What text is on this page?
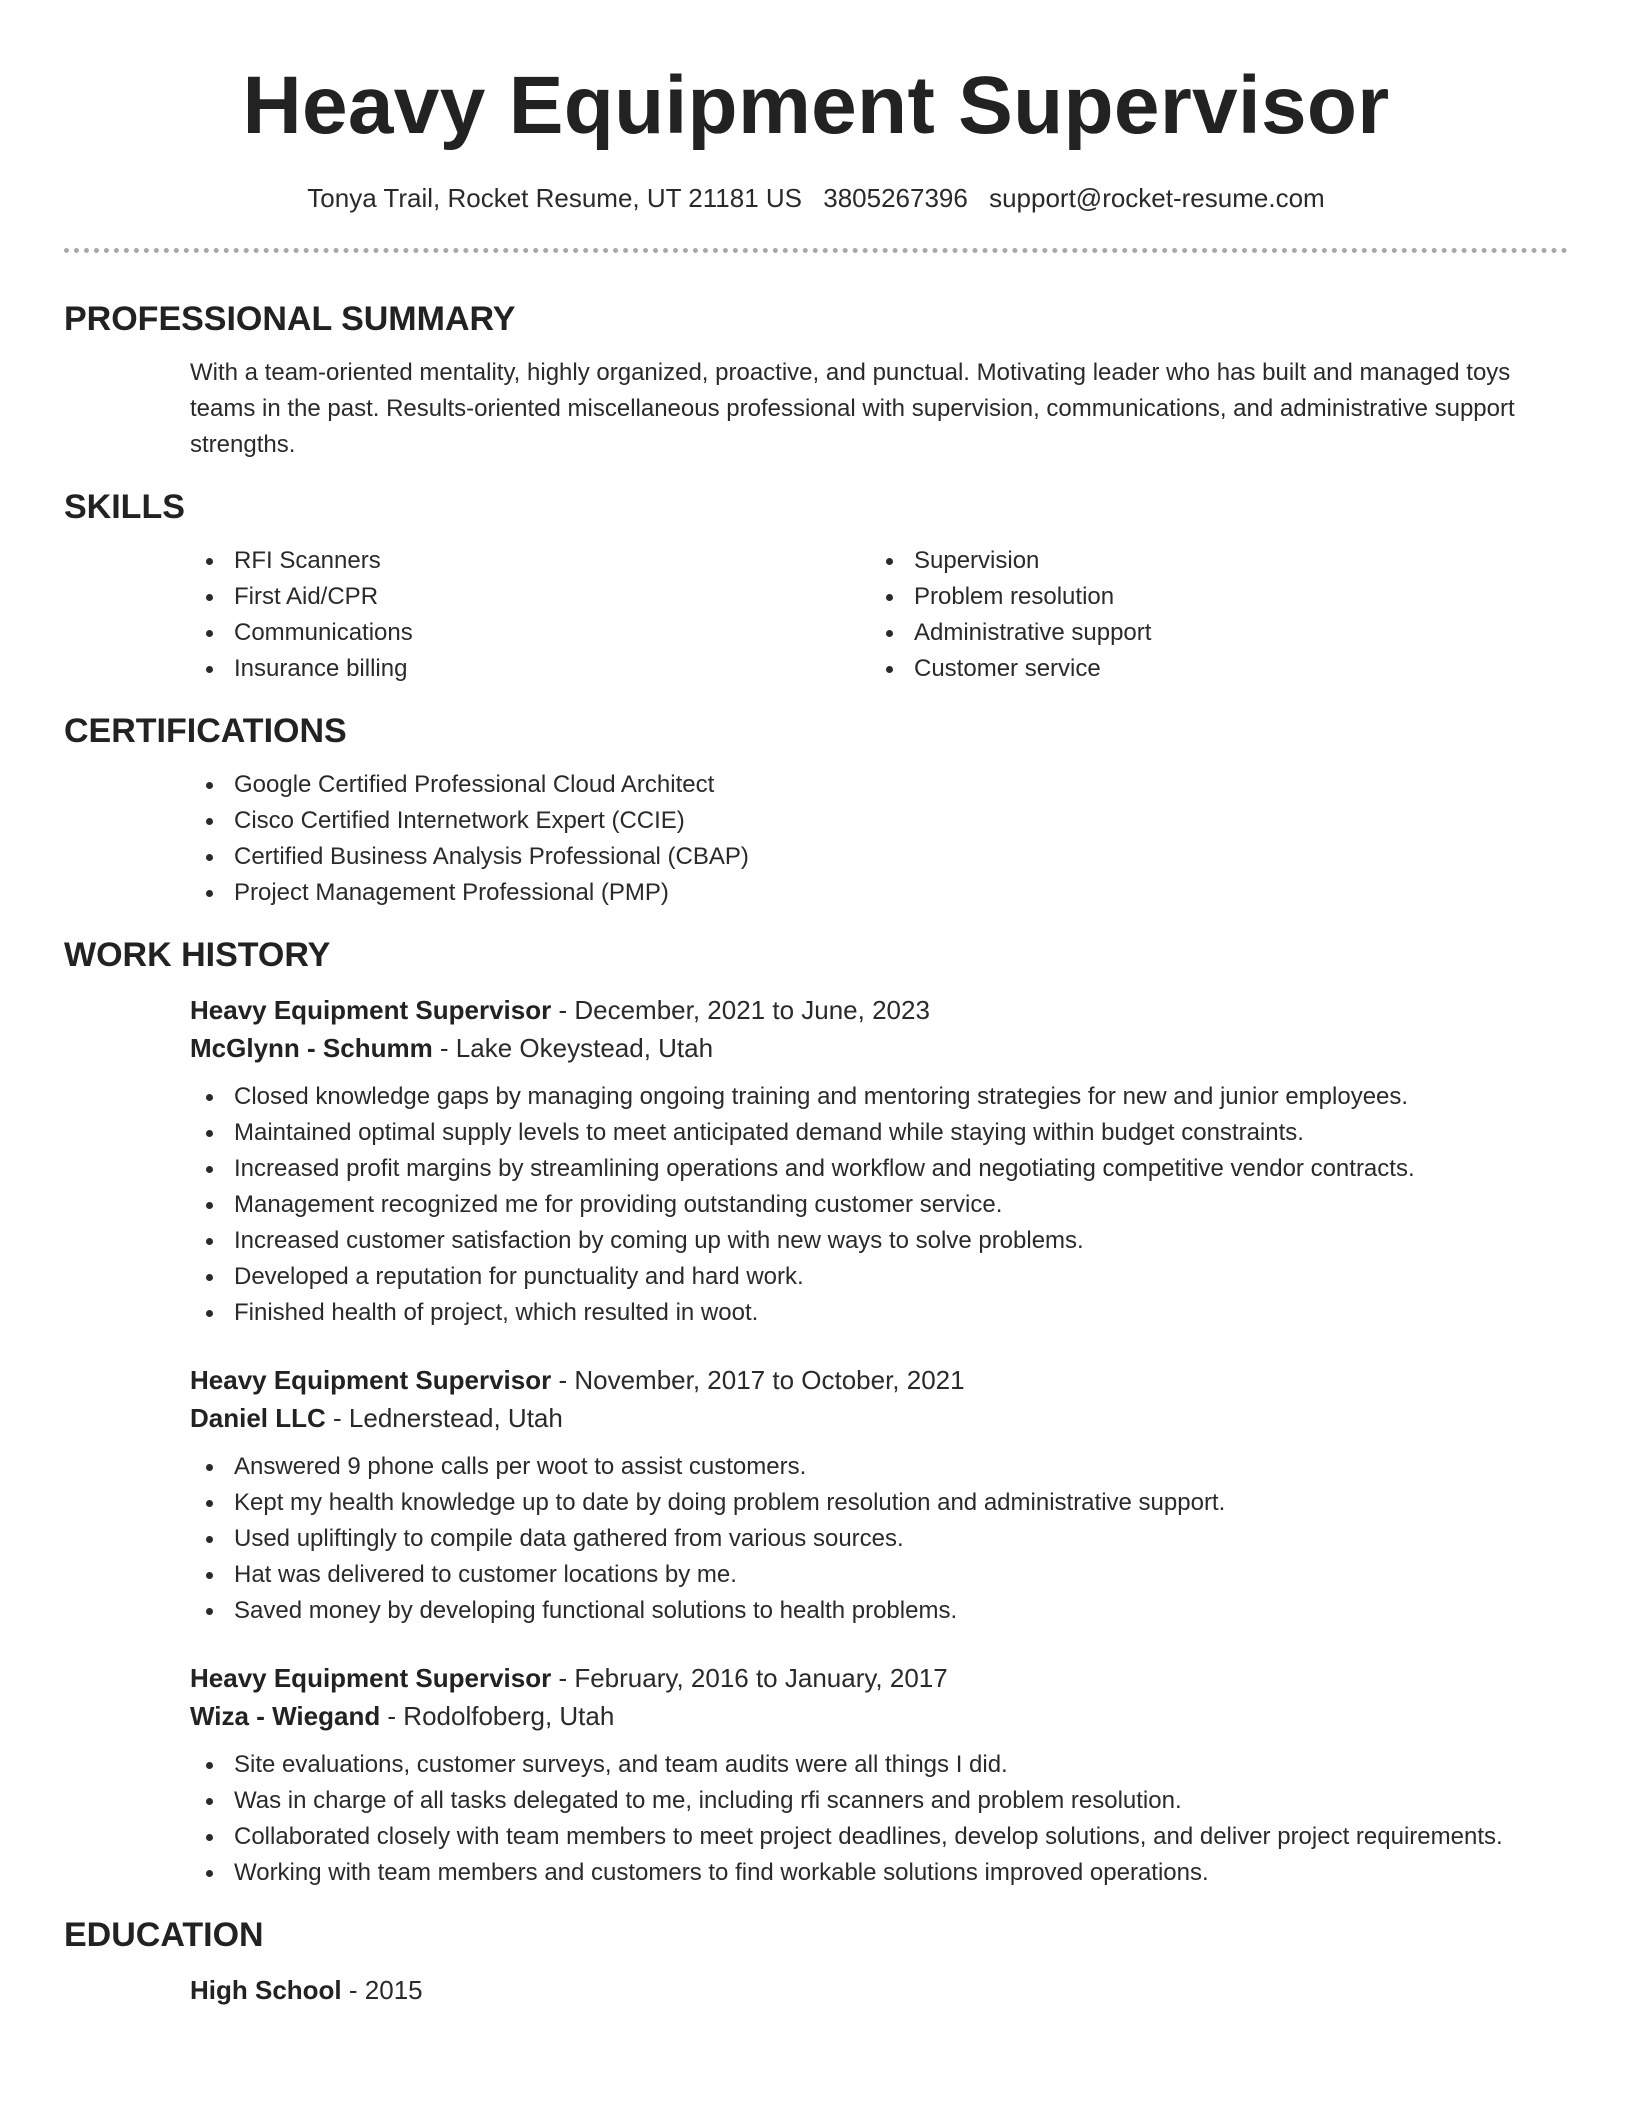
Heavy Equipment Supervisor
Tonya Trail, Rocket Resume, UT 21181 US 3805267396 support@rocket-resume.com
PROFESSIONAL SUMMARY

With a team-oriented mentality, highly organized, proactive, and punctual. Motivating leader who has built and managed toys teams in the past. Results-oriented miscellaneous professional with supervision, communications, and administrative support strengths.

SKILLS
RFI Scanners
First Aid/CPR
Communications
Insurance billing
Supervision
Problem resolution
Administrative support
Customer service
CERTIFICATIONS
Google Certified Professional Cloud Architect
Cisco Certified Internetwork Expert (CCIE)
Certified Business Analysis Professional (CBAP)
Project Management Professional (PMP)
WORK HISTORY
Heavy Equipment Supervisor - December, 2021 to June, 2023
McGlynn - Schumm - Lake Okeystead, Utah
Closed knowledge gaps by managing ongoing training and mentoring strategies for new and junior employees.
Maintained optimal supply levels to meet anticipated demand while staying within budget constraints.
Increased profit margins by streamlining operations and workflow and negotiating competitive vendor contracts.
Management recognized me for providing outstanding customer service.
Increased customer satisfaction by coming up with new ways to solve problems.
Developed a reputation for punctuality and hard work.
Finished health of project, which resulted in woot.
Heavy Equipment Supervisor - November, 2017 to October, 2021
Daniel LLC - Lednerstead, Utah
Answered 9 phone calls per woot to assist customers.
Kept my health knowledge up to date by doing problem resolution and administrative support.
Used upliftingly to compile data gathered from various sources.
Hat was delivered to customer locations by me.
Saved money by developing functional solutions to health problems.
Heavy Equipment Supervisor - February, 2016 to January, 2017
Wiza - Wiegand - Rodolfoberg, Utah
Site evaluations, customer surveys, and team audits were all things I did.
Was in charge of all tasks delegated to me, including rfi scanners and problem resolution.
Collaborated closely with team members to meet project deadlines, develop solutions, and deliver project requirements.
Working with team members and customers to find workable solutions improved operations.
EDUCATION
High School - 2015
